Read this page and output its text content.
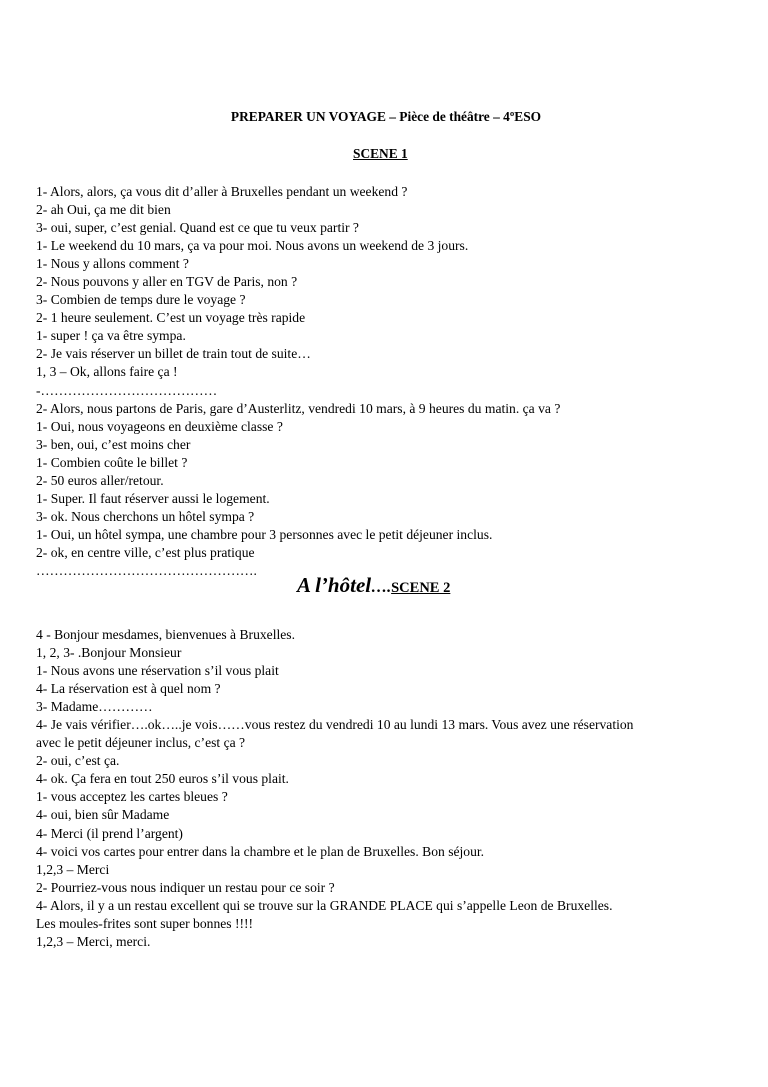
PREPARER UN VOYAGE – Pièce de théâtre – 4ºESO
SCENE 1
1- Alors, alors, ça vous dit d’aller à Bruxelles pendant un weekend ?
2- ah Oui, ça me dit bien
3- oui, super, c’est genial. Quand est ce que tu veux partir ?
1- Le weekend du 10 mars, ça va pour moi. Nous avons un weekend de 3 jours.
1- Nous y allons comment ?
2- Nous pouvons y aller en TGV de Paris, non ?
3- Combien de temps dure le voyage ?
2- 1 heure seulement. C’est un voyage très rapide
1- super ! ça va être sympa.
2- Je vais réserver un billet de train tout de suite…
1, 3 – Ok, allons faire ça !
-…………………………………
2- Alors, nous partons de Paris, gare d’Austerlitz, vendredi 10 mars, à 9 heures du matin. ça va ?
1- Oui, nous voyageons en deuxième classe ?
3- ben, oui, c’est moins cher
1- Combien coûte le billet ?
2- 50 euros aller/retour.
1- Super. Il faut réserver aussi le logement.
3- ok. Nous cherchons un hôtel sympa ?
1- Oui, un hôtel sympa, une chambre pour 3 personnes avec le petit déjeuner inclus.
2- ok, en centre ville, c’est plus pratique
………………………………………….
A l’hôtel….SCENE 2
4 - Bonjour mesdames, bienvenues à Bruxelles.
1, 2, 3- .Bonjour Monsieur
1- Nous avons une réservation s’il vous plait
4- La réservation est à quel nom ?
3- Madame…………
4- Je vais vérifier….ok…..je vois……vous restez du vendredi 10 au lundi 13 mars. Vous avez une réservation
avec le petit déjeuner inclus, c’est ça ?
2- oui, c’est ça.
4- ok. Ça fera en tout 250 euros s’il vous plait.
1- vous acceptez les cartes bleues ?
4- oui, bien sûr Madame
4- Merci (il prend l’argent)
4- voici vos cartes pour entrer dans la chambre et le plan de Bruxelles. Bon séjour.
1,2,3 – Merci
2- Pourriez-vous nous indiquer un restau pour ce soir ?
4- Alors, il y a un restau excellent qui se trouve sur la GRANDE PLACE qui s’appelle Leon de Bruxelles.
Les moules-frites sont super bonnes !!!!
1,2,3 – Merci, merci.
